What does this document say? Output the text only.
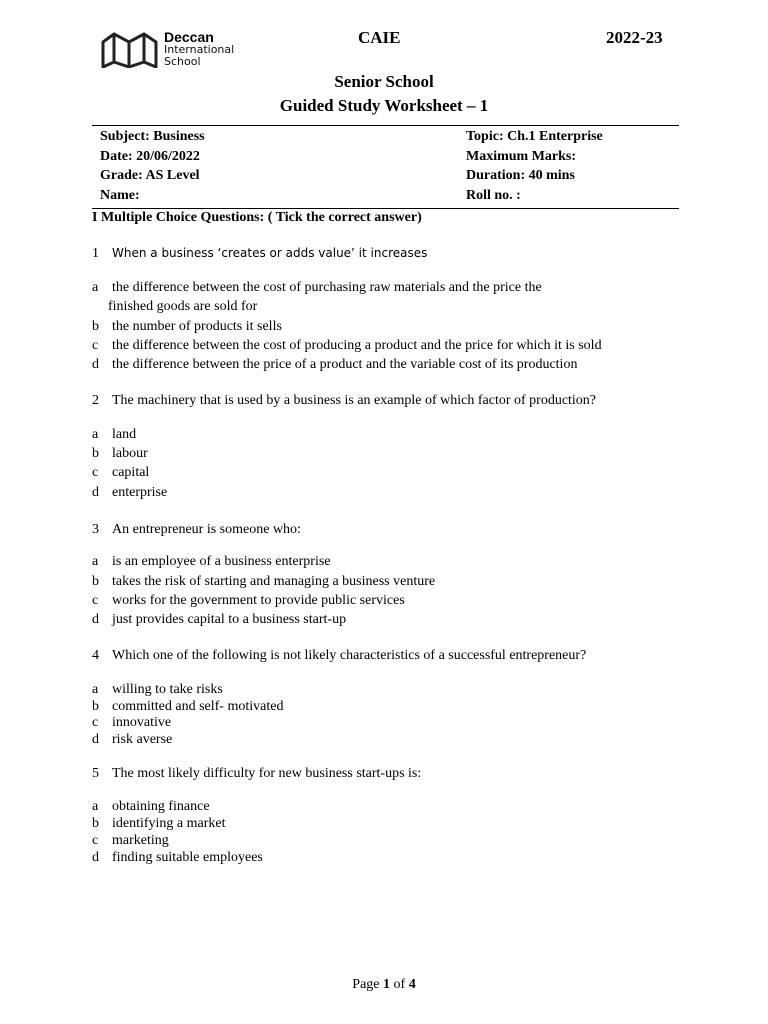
Deccan
International
School
CAIE	2022-23
Senior School
Guided Study Worksheet – 1
Subject: Business
Date: 20/06/2022
Grade: AS Level
Name:
Topic: Ch.1 Enterprise
Maximum Marks:
Duration: 40 mins
Roll no. :
I Multiple Choice Questions: ( Tick the correct answer)
1 When a business ‘creates or adds value’ it increases
a the difference between the cost of purchasing raw materials and the price the
finished goods are sold for
b the number of products it sells
c the difference between the cost of producing a product and the price for which it is sold
d the difference between the price of a product and the variable cost of its production
2 The machinery that is used by a business is an example of which factor of production?
a land
b labour
c capital
d enterprise
3 An entrepreneur is someone who:
a is an employee of a business enterprise
b takes the risk of starting and managing a business venture
c works for the government to provide public services
d just provides capital to a business start-up
4 Which one of the following is not likely characteristics of a successful entrepreneur?
a willing to take risks
b committed and self- motivated
c innovative
d risk averse
5 The most likely difficulty for new business start-ups is:
a obtaining finance
b identifying a market
c marketing
d finding suitable employees
Page 1 of 4
